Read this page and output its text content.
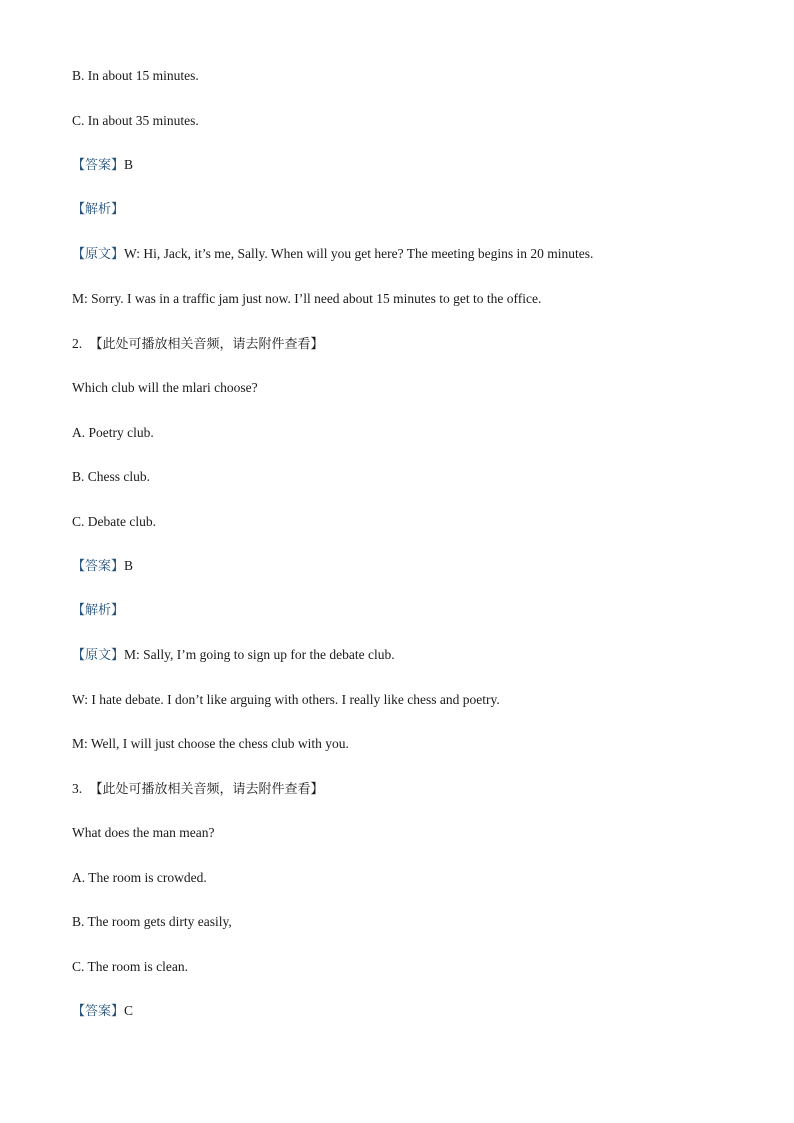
B. In about 15 minutes.
C. In about 35 minutes.
【答案】B
【解析】
【原文】W: Hi, Jack, it’s me, Sally. When will you get here? The meeting begins in 20 minutes.
M: Sorry. I was in a traffic jam just now. I’ll need about 15 minutes to get to the office.
2. 【此处可播放相关音频，请去附件查看】
Which club will the mlari choose?
A. Poetry club.
B. Chess club.
C. Debate club.
【答案】B
【解析】
【原文】M: Sally, I’m going to sign up for the debate club.
W: I hate debate. I don’t like arguing with others. I really like chess and poetry.
M: Well, I will just choose the chess club with you.
3. 【此处可播放相关音频，请去附件查看】
What does the man mean?
A. The room is crowded.
B. The room gets dirty easily,
C. The room is clean.
【答案】C
